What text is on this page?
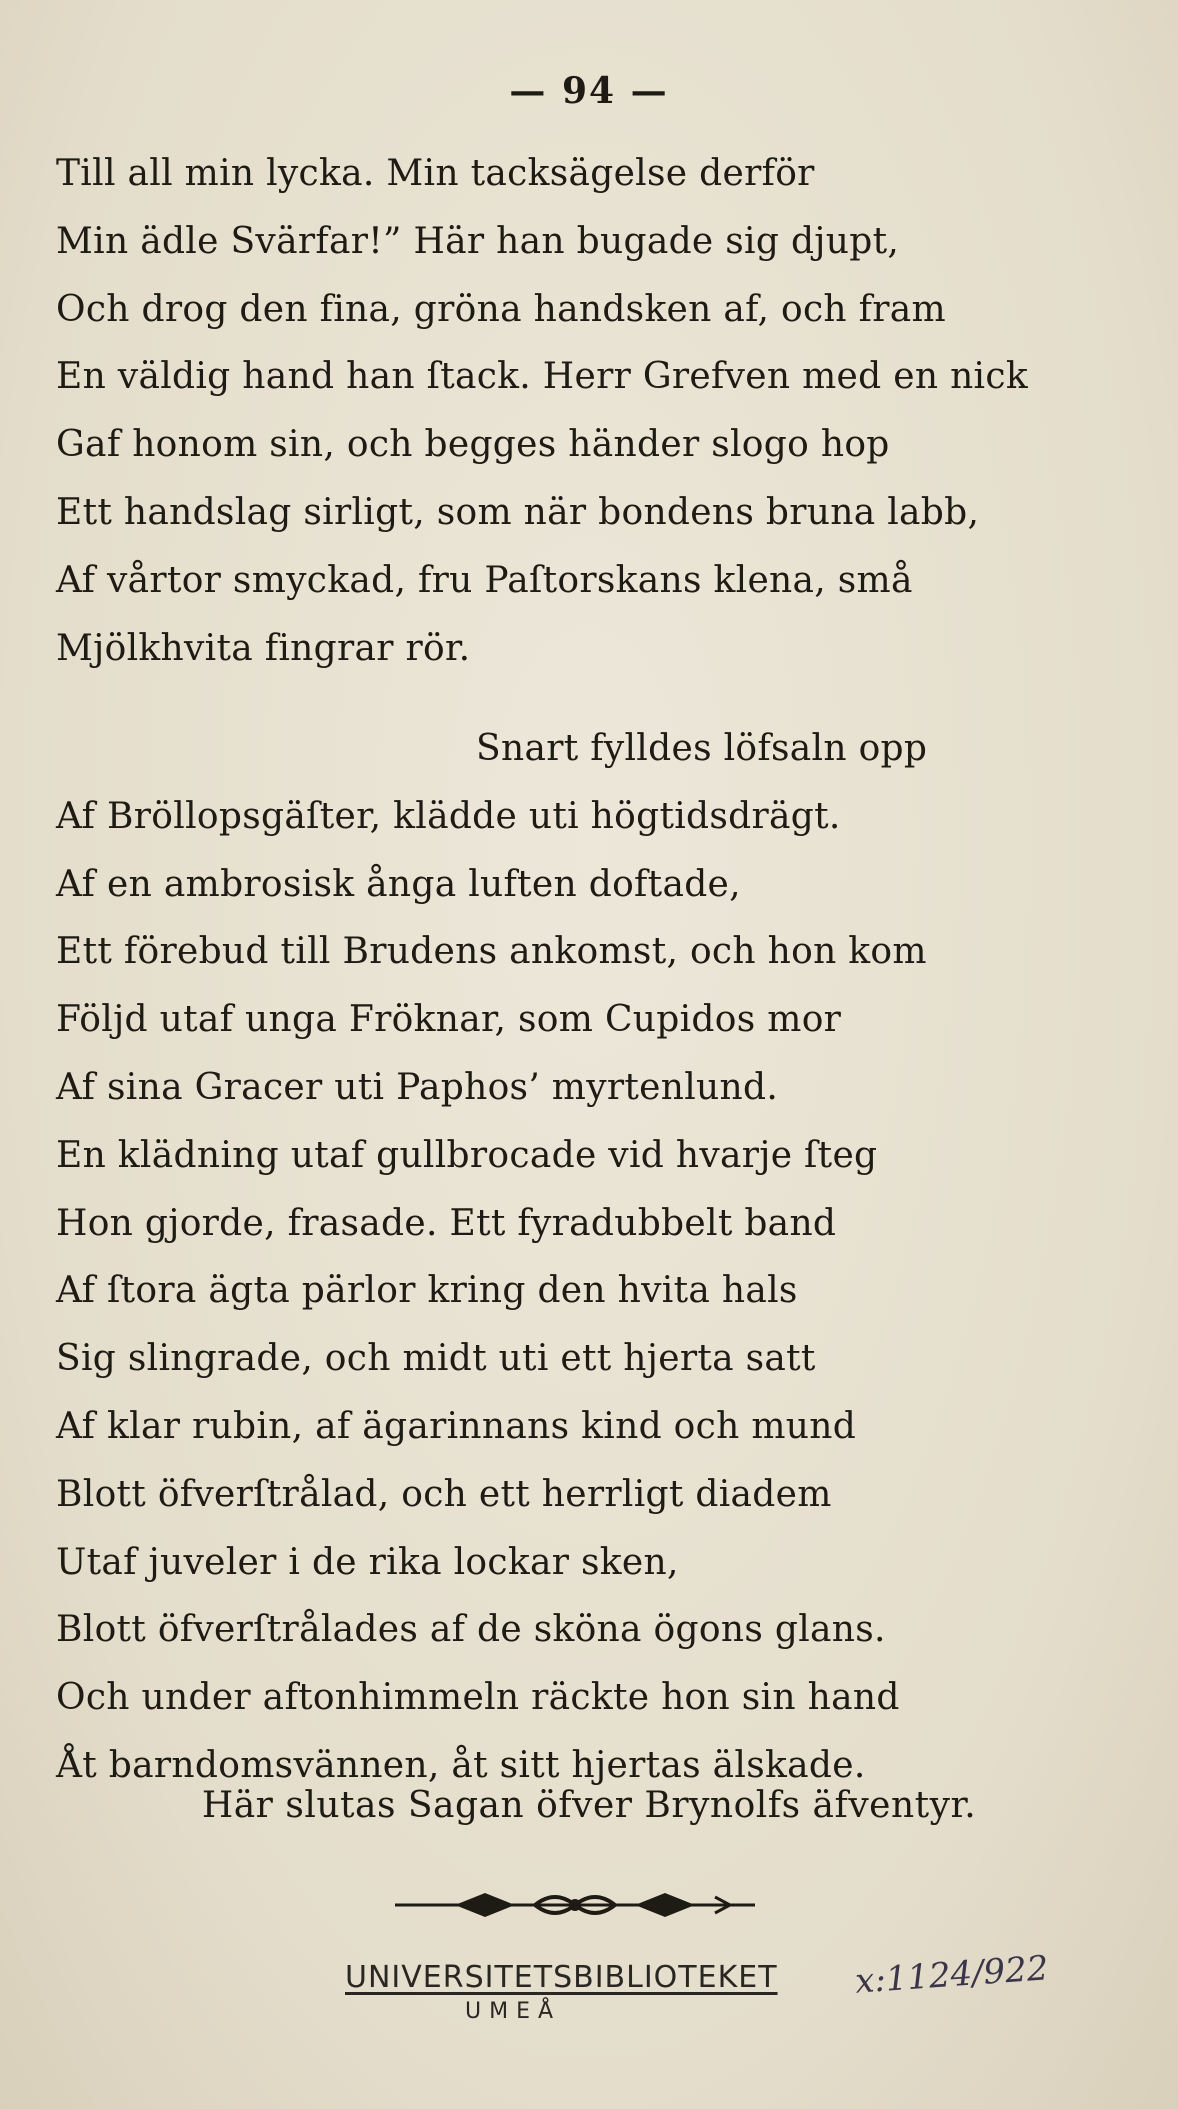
— 94 —
Till all min lycka. Min tacksägelse derför
Min ädle Svärfar!” Här han bugade sig djupt,
Och drog den fina, gröna handsken af, och fram
En väldig hand han ſtack. Herr Grefven med en nick
Gaf honom sin, och begges händer slogo hop
Ett handslag sirligt, som när bondens bruna labb,
Af vårtor smyckad, fru Paſtorskans klena, små
Mjölkhvita fingrar rör.
Snart fylldes löfsaln opp
Af Bröllopsgäſter, klädde uti högtidsdrägt.
Af en ambrosisk ånga luften doftade,
Ett förebud till Brudens ankomst, och hon kom
Följd utaf unga Fröknar, som Cupidos mor
Af sina Gracer uti Paphos’ myrtenlund.
En klädning utaf gullbrocade vid hvarje ſteg
Hon gjorde, frasade. Ett fyradubbelt band
Af ſtora ägta pärlor kring den hvita hals
Sig slingrade, och midt uti ett hjerta satt
Af klar rubin, af ägarinnans kind och mund
Blott öfverſtrålad, och ett herrligt diadem
Utaf juveler i de rika lockar sken,
Blott öfverſtrålades af de sköna ögons glans.
Och under aftonhimmeln räckte hon sin hand
Åt barndomsvännen, åt sitt hjertas älskade.
Här slutas Sagan öfver Brynolfs äfventyr.
UNIVERSITETSBIBLIOTEKET
UMEÅ
x:1124/922
